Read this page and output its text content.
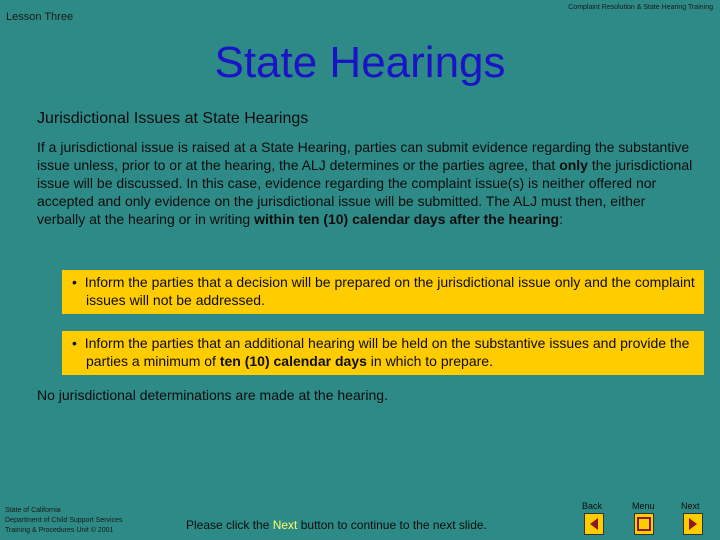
Lesson Three
Complaint Resolution & State Hearing Training
State Hearings
Jurisdictional Issues at State Hearings
If a jurisdictional issue is raised at a State Hearing, parties can submit evidence regarding the substantive issue unless, prior to or at the hearing, the ALJ determines or the parties agree, that only the jurisdictional issue will be discussed. In this case, evidence regarding the complaint issue(s) is neither offered nor accepted and only evidence on the jurisdictional issue will be submitted. The ALJ must then, either verbally at the hearing or in writing within ten (10) calendar days after the hearing:
• Inform the parties that a decision will be prepared on the jurisdictional issue only and the complaint issues will not be addressed.
• Inform the parties that an additional hearing will be held on the substantive issues and provide the parties a minimum of ten (10) calendar days in which to prepare.
No jurisdictional determinations are made at the hearing.
State of California
Department of Child Support Services
Training & Procedures Unit © 2001	Please click the Next button to continue to the next slide.
Back	Menu	Next
